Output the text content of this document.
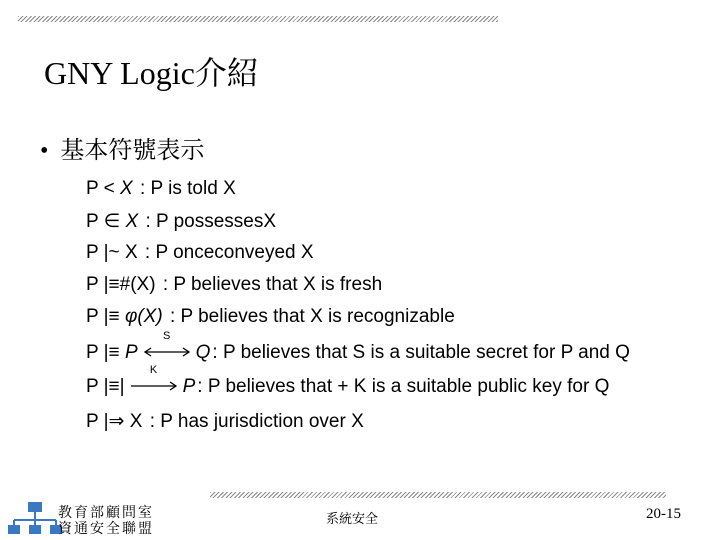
GNY Logic介紹
• 基本符號表示
P < X : P is told X
P ∈ X : P possessesX
P |~ X : P onceconveyed X
P |≡#(X) : P believes that X is fresh
P |≡ φ(X) : P believes that X is recognizable
P |≡ P
S
Q : P believes that S is a suitable secret for P and Q
P |≡|
K
P : P believes that + K is a suitable public key for Q
P |⇒ X : P has jurisdiction over X
教育部顧問室
資通安全聯盟
系統安全	20-15
